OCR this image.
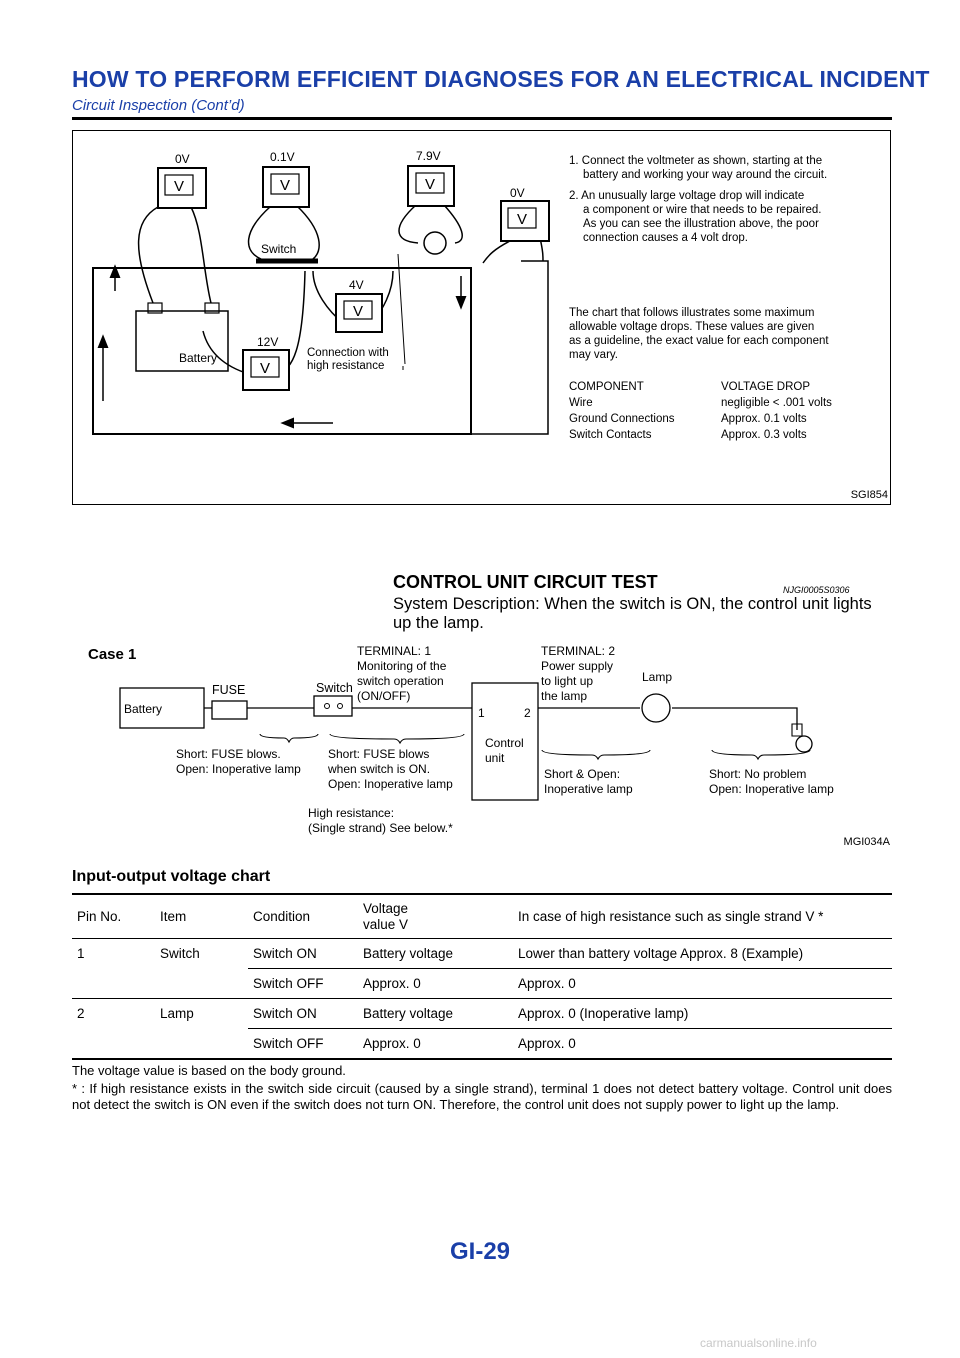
HOW TO PERFORM EFFICIENT DIAGNOSES FOR AN ELECTRICAL INCIDENT
Circuit Inspection (Cont’d)
V
0V
V
0.1V
V
7.9V
V
0V
V
4V
V
12V
Switch
Battery	Connection with
high resistance
1. Connect the voltmeter as shown, starting at the
battery and working your way around the circuit.
2. An unusually large voltage drop will indicate
a component or wire that needs to be repaired.
As you can see the illustration above, the poor
connection causes a 4 volt drop.
The chart that follows illustrates some maximum
allowable voltage drops. These values are given
as a guideline, the exact value for each component
may vary.
COMPONENT	VOLTAGE DROP
Wire	negligible < .001 volts
Ground Connections	Approx. 0.1 volts
Switch Contacts	Approx. 0.3 volts
SGI854
CONTROL UNIT CIRCUIT TEST	NJGI0005S0306
System Description: When the switch is ON, the control unit lights up the lamp.
Case 1
Battery
FUSE	Switch
TERMINAL: 1
Monitoring of the
switch operation
(ON/OFF)
TERMINAL: 2
Power supply
to light up
the lamp
Lamp
1	2
Control
unit
Short: FUSE blows.
Open: Inoperative lamp
Short: FUSE blows
when switch is ON.
Open: Inoperative lamp
High resistance:
(Single strand) See below.*
Short & Open:
Inoperative lamp
Short: No problem
Open: Inoperative lamp
MGI034A
Input-output voltage chart
Pin No.	Item	Condition	Voltage
value V	In case of high resistance such as single strand V *
1	Switch	Switch ON	Battery voltage	Lower than battery voltage Approx. 8 (Example)
		Switch OFF	Approx. 0	Approx. 0
2	Lamp	Switch ON	Battery voltage	Approx. 0 (Inoperative lamp)
		Switch OFF	Approx. 0	Approx. 0
The voltage value is based on the body ground.
* : If high resistance exists in the switch side circuit (caused by a single strand), terminal 1 does not detect battery voltage. Control unit does not detect the switch is ON even if the switch does not turn ON. Therefore, the control unit does not supply power to light up the lamp.
GI-29
carmanualsonline.info
